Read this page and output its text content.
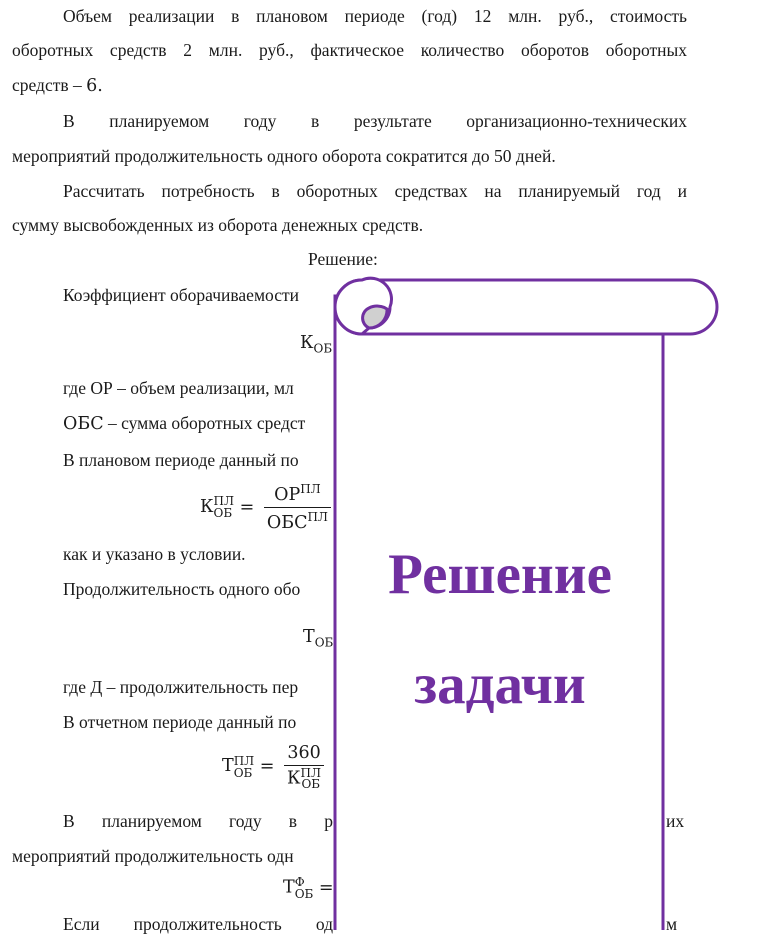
Объем реализации в плановом периоде (год) 12 млн. руб., стоимость
оборотных средств 2 млн. руб., фактическое количество оборотов оборотных
средств – 6.
В планируемом году в результате организационно-технических
мероприятий продолжительность одного оборота сократится до 50 дней.
Рассчитать потребность в оборотных средствах на планируемый год и
сумму высвобожденных из оборота денежных средств.
Решение:
Коэффициент оборачиваемости
$К_{ОБ}$
где ОР – объем реализации, мл
ОБС – сумма оборотных средст
В плановом периоде данный по
К ПЛ
ОБ = $\frac{ОР^{ПЛ}}{ОБС^{ПЛ}}$
как и указано в условии.
Продолжительность одного обо
$Т_{ОБ}$
где Д – продолжительность пер
В отчетном периоде данный по
Т ПЛ
ОБ = 360
К ПЛ
ОБ
В планируемом году в р	их
мероприятий продолжительность одн
Т Ф
ОБ =
Если продолжительность од	м
Решение
задачи
